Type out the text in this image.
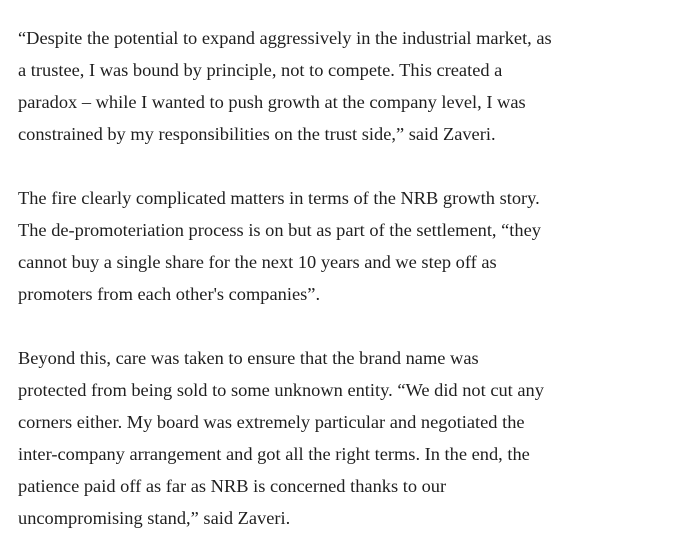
“Despite the potential to expand aggressively in the industrial market, as
a trustee, I was bound by principle, not to compete. This created a
paradox – while I wanted to push growth at the company level, I was
constrained by my responsibilities on the trust side,” said Zaveri.

The fire clearly complicated matters in terms of the NRB growth story.
The de-promoteriation process is on but as part of the settlement, “they
cannot buy a single share for the next 10 years and we step off as
promoters from each other's companies”.

Beyond this, care was taken to ensure that the brand name was
protected from being sold to some unknown entity. “We did not cut any
corners either. My board was extremely particular and negotiated the
inter-company arrangement and got all the right terms. In the end, the
patience paid off as far as NRB is concerned thanks to our
uncompromising stand,” said Zaveri.
